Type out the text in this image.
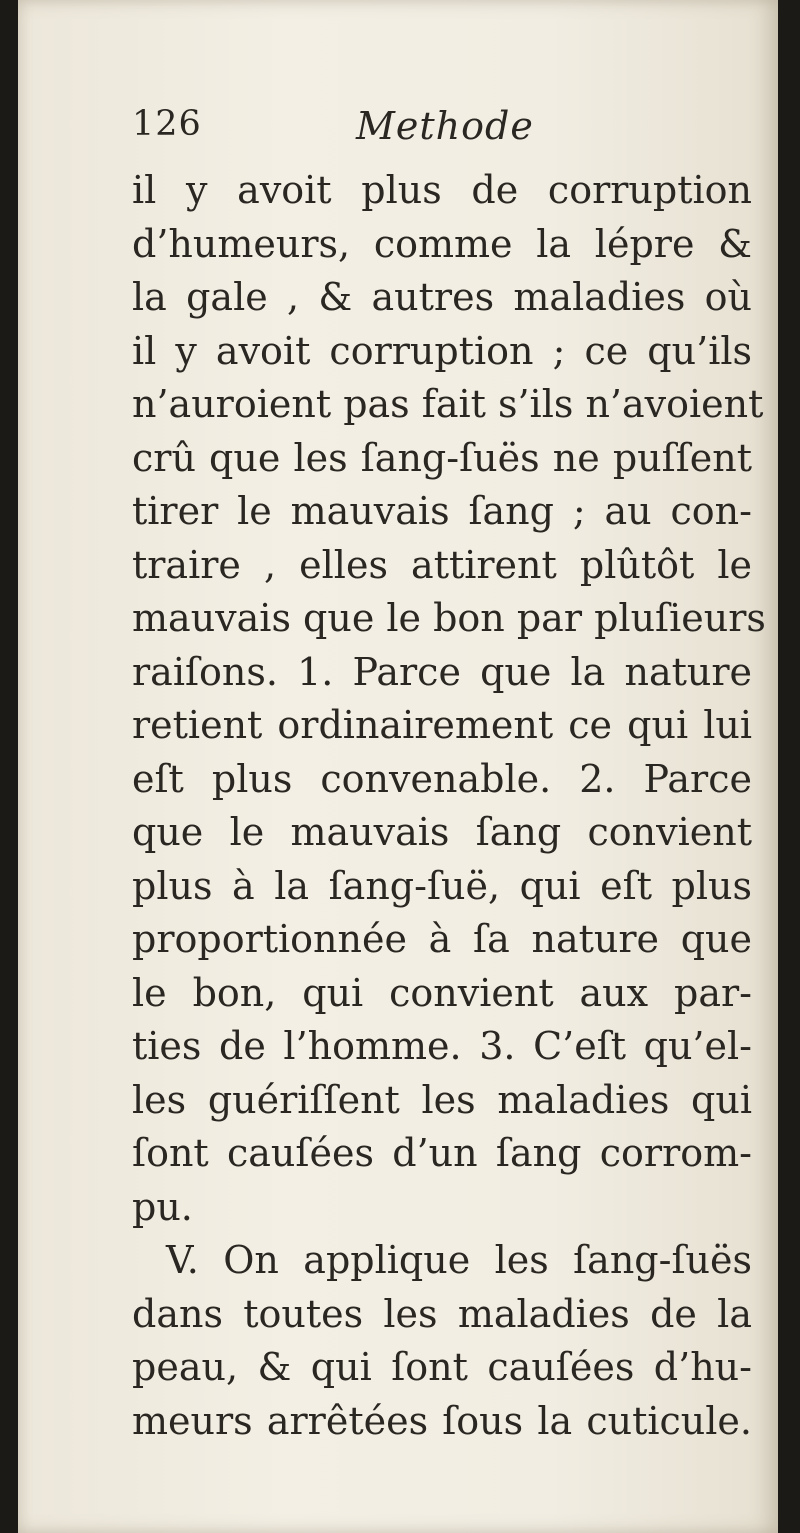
126	Methode
il y avoit plus de corruption
d’humeurs, comme la lépre &
la gale , & autres maladies où
il y avoit corruption ; ce qu’ils
n’auroient pas fait s’ils n’avoient
crû que les ſang-ſuës ne puſſent
tirer le mauvais ſang ; au con-
traire , elles attirent plûtôt le
mauvais que le bon par pluſieurs
raiſons. 1. Parce que la nature
retient ordinairement ce qui lui
eſt plus convenable. 2. Parce
que le mauvais ſang convient
plus à la ſang-ſuë, qui eſt plus
proportionnée à ſa nature que
le bon, qui convient aux par-
ties de l’homme. 3. C’eſt qu’el-
les guériſſent les maladies qui
ſont cauſées d’un ſang corrom-
pu.
V. On applique les ſang-ſuës
dans toutes les maladies de la
peau, & qui ſont cauſées d’hu-
meurs arrêtées ſous la cuticule.
